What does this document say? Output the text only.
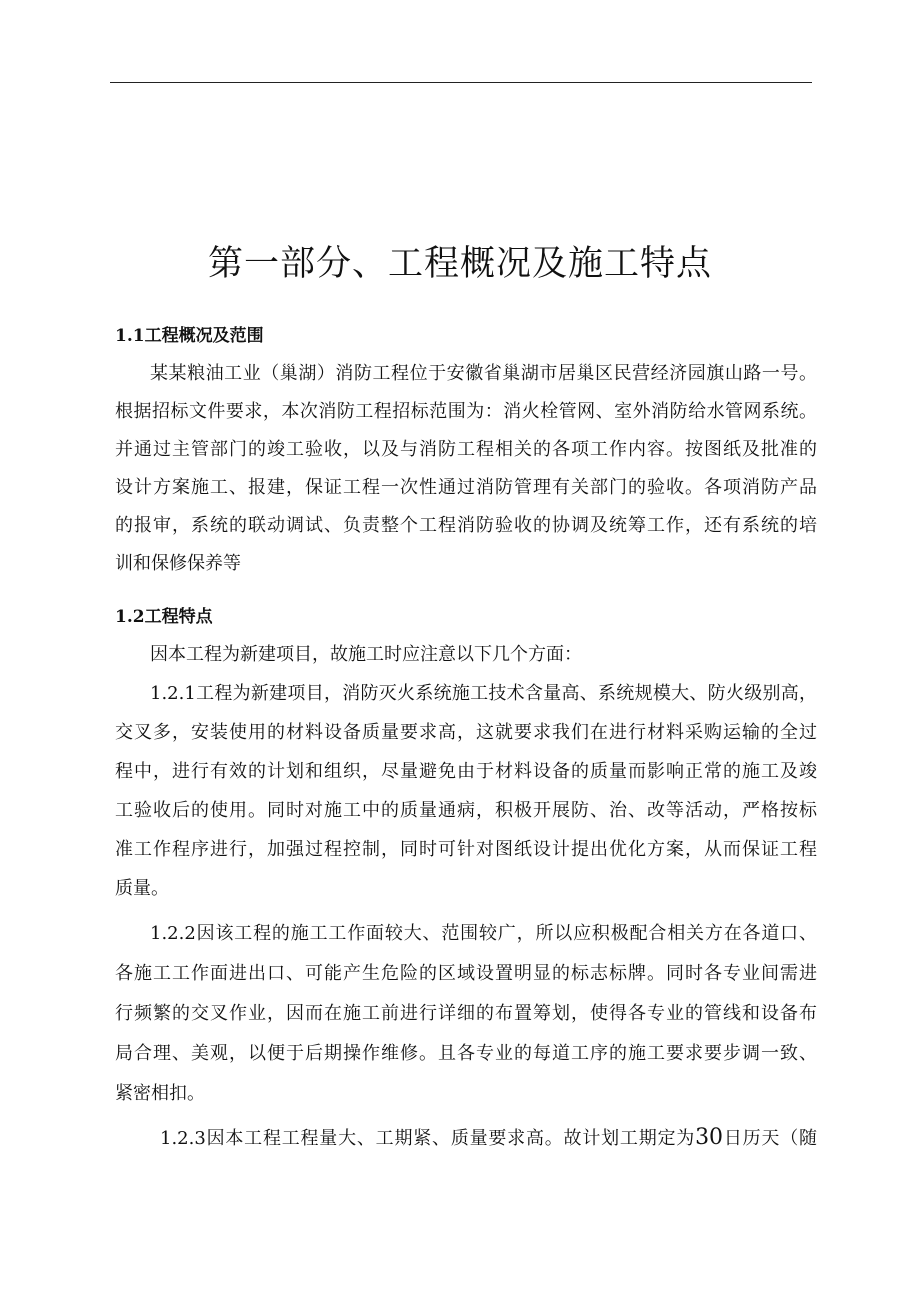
第一部分、工程概况及施工特点
1.1工程概况及范围
某某粮油工业（巢湖）消防工程位于安徽省巢湖市居巢区民营经济园旗山路一号。
根据招标文件要求，本次消防工程招标范围为：消火栓管网、室外消防给水管网系统。
并通过主管部门的竣工验收，以及与消防工程相关的各项工作内容。按图纸及批准的
设计方案施工、报建，保证工程一次性通过消防管理有关部门的验收。各项消防产品
的报审，系统的联动调试、负责整个工程消防验收的协调及统筹工作，还有系统的培
训和保修保养等
1.2工程特点
因本工程为新建项目，故施工时应注意以下几个方面：
1.2.1工程为新建项目，消防灭火系统施工技术含量高、系统规模大、防火级别高，
交叉多，安装使用的材料设备质量要求高，这就要求我们在进行材料采购运输的全过
程中，进行有效的计划和组织，尽量避免由于材料设备的质量而影响正常的施工及竣
工验收后的使用。同时对施工中的质量通病，积极开展防、治、改等活动，严格按标
准工作程序进行，加强过程控制，同时可针对图纸设计提出优化方案，从而保证工程
质量。
1.2.2因该工程的施工工作面较大、范围较广，所以应积极配合相关方在各道口、
各施工工作面进出口、可能产生危险的区域设置明显的标志标牌。同时各专业间需进
行频繁的交叉作业，因而在施工前进行详细的布置筹划，使得各专业的管线和设备布
局合理、美观，以便于后期操作维修。且各专业的每道工序的施工要求要步调一致、
紧密相扣。
1.2.3因本工程工程量大、工期紧、质量要求高。故计划工期定为30日历天（随
